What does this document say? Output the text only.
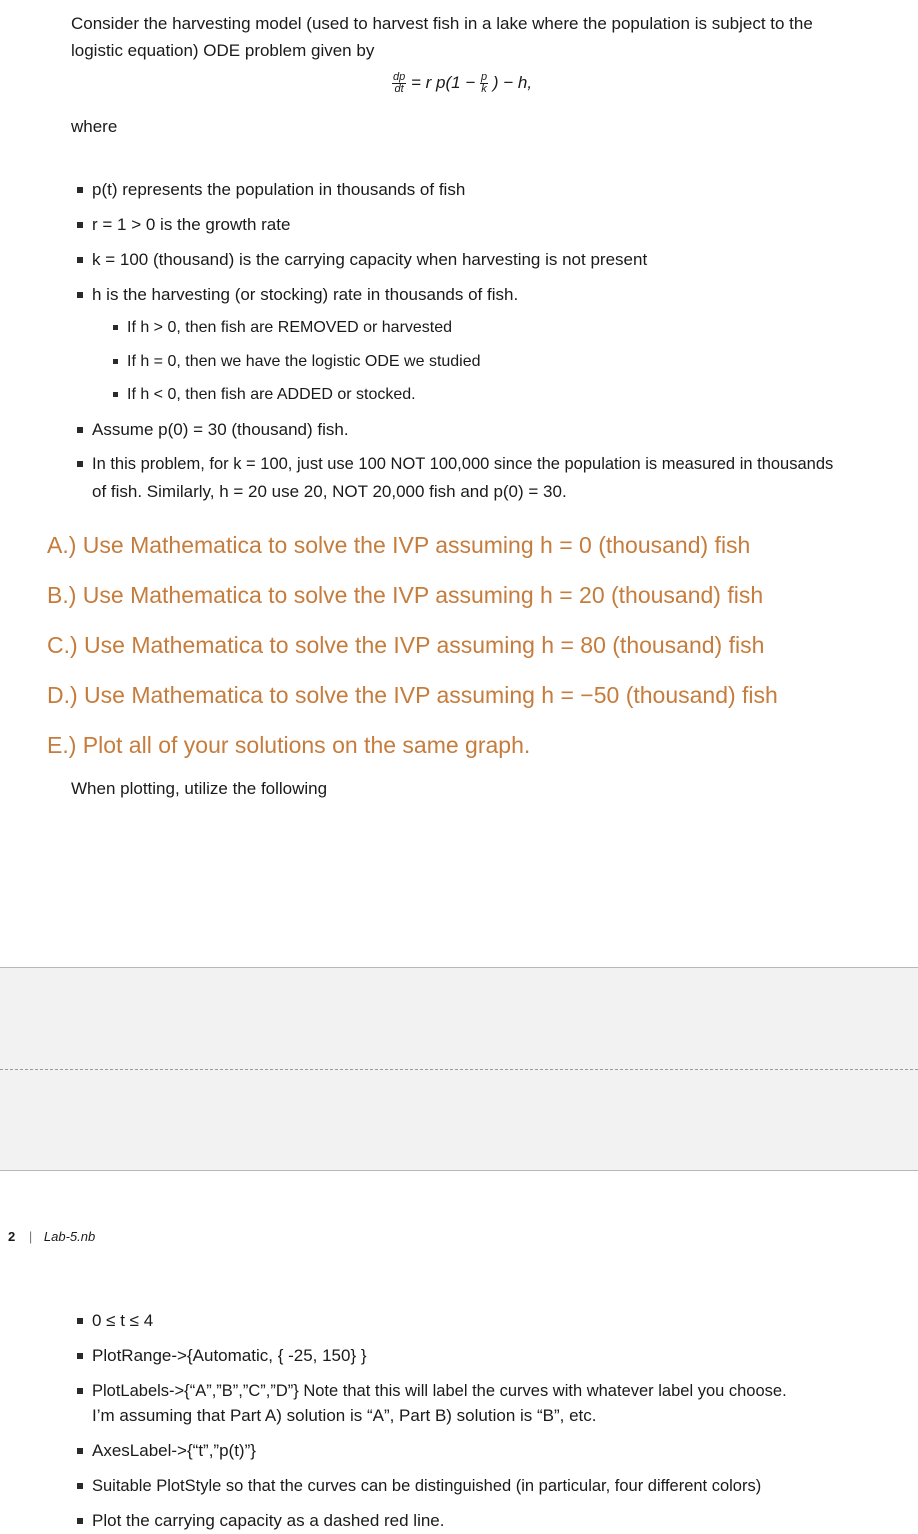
Consider the harvesting model (used to harvest fish in a lake where the population is subject to the
logistic equation) ODE problem given by
$\frac{dp}{dt} = r$ $p(1 - \frac{p}{k}$ ) − h,
where
p(t) represents the population in thousands of fish
r = 1 > 0 is the growth rate
k = 100 (thousand) is the carrying capacity when harvesting is not present
h is the harvesting (or stocking) rate in thousands of fish.
If h > 0, then fish are REMOVED or harvested
If h = 0, then we have the logistic ODE we studied
If h < 0, then fish are ADDED or stocked.
Assume p(0) = 30 (thousand) fish.
In this problem, for k = 100, just use 100 NOT 100,000 since the population is measured in thousands
of fish. Similarly, h = 20 use 20, NOT 20,000 fish and p(0) = 30.
A.) Use Mathematica to solve the IVP assuming h = 0 (thousand) fish
B.) Use Mathematica to solve the IVP assuming h = 20 (thousand) fish
C.) Use Mathematica to solve the IVP assuming h = 80 (thousand) fish
D.) Use Mathematica to solve the IVP assuming h = −50 (thousand) fish
E.) Plot all of your solutions on the same graph.
When plotting, utilize the following
2 | Lab-5.nb
0 ≤ t ≤ 4
PlotRange->{Automatic, { -25, 150} }
PlotLabels->{“A”,”B”,”C”,”D”} Note that this will label the curves with whatever label you choose.
I’m assuming that Part A) solution is “A”, Part B) solution is “B”, etc.
AxesLabel->{“t”,”p(t)”}
Suitable PlotStyle so that the curves can be distinguished (in particular, four different colors)
Plot the carrying capacity as a dashed red line.
